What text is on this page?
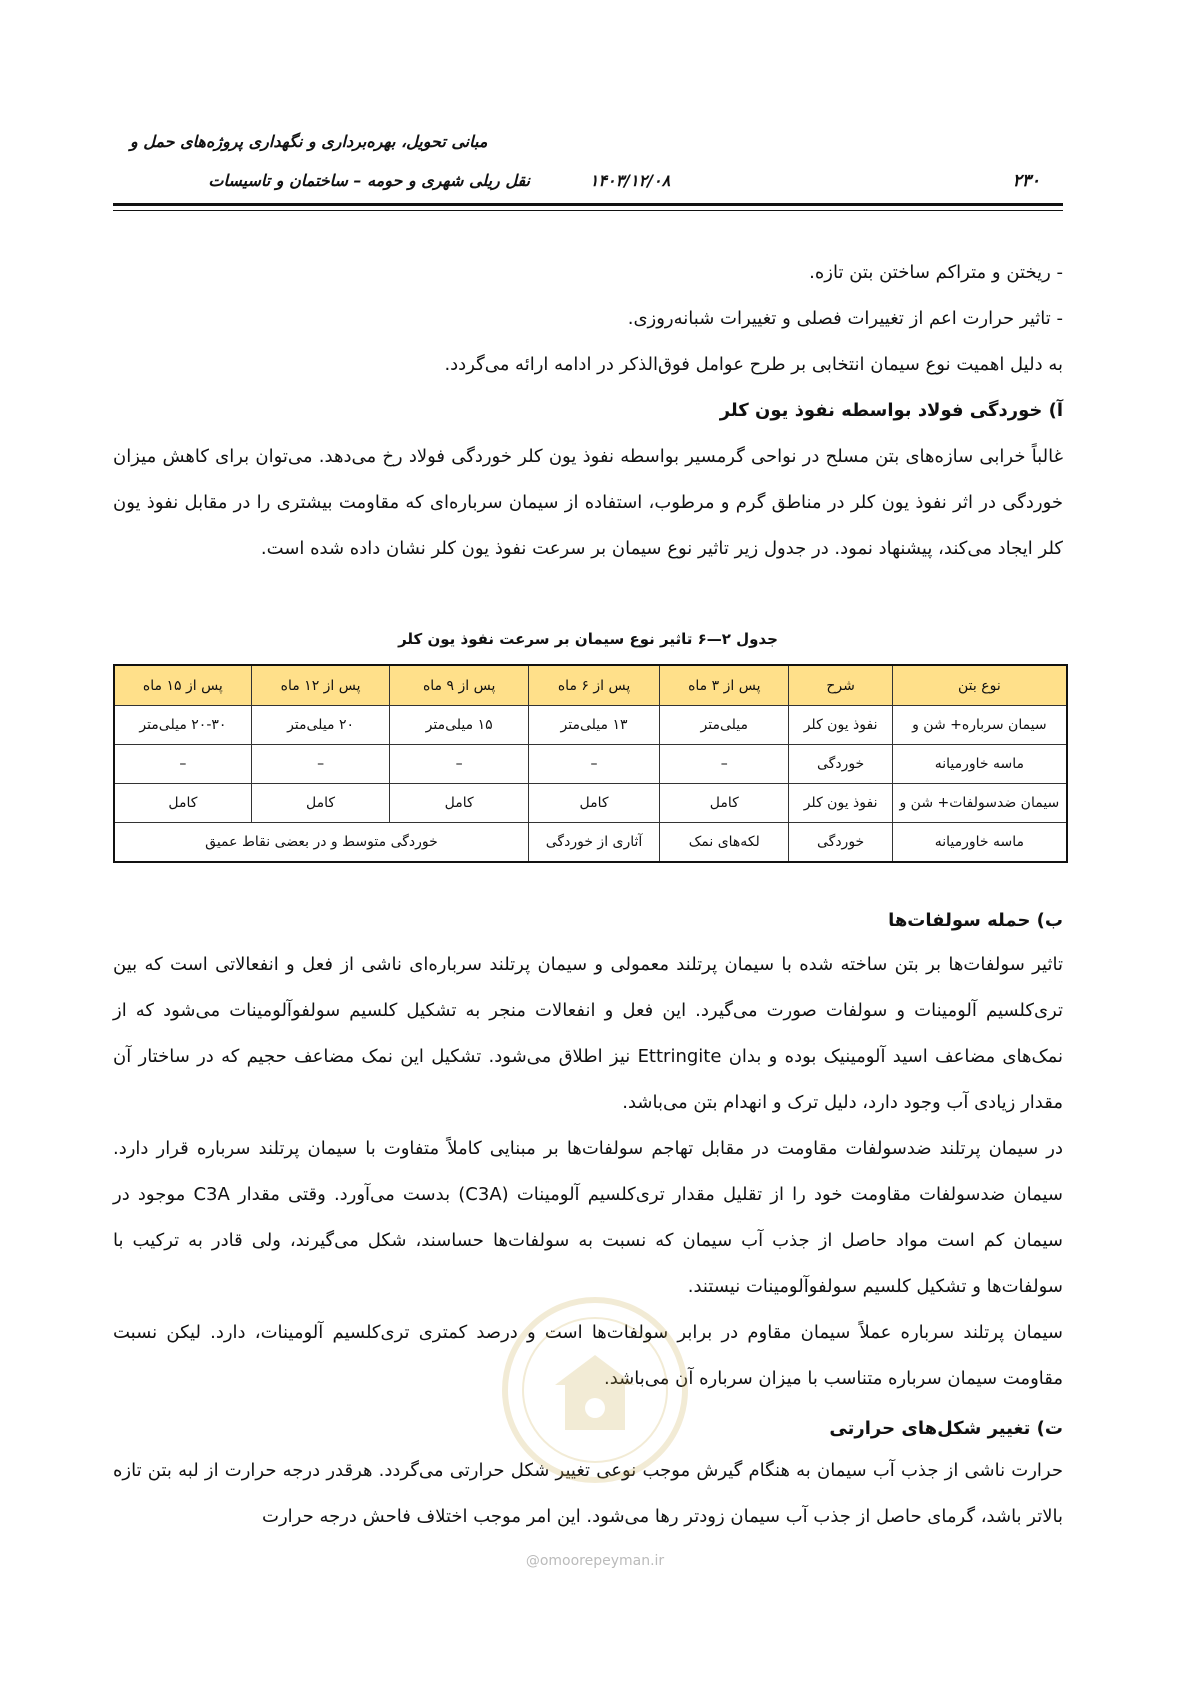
مبانی تحویل، بهره‌برداری و نگهداری پروژه‌های حمل و
نقل ریلی شهری و حومه – ساختمان و تاسیسات	۱۴۰۳/۱۲/۰۸	۲۳۰
- ریختن و متراکم ساختن بتن تازه.
- تاثیر حرارت اعم از تغییرات فصلی و تغییرات شبانه‌روزی.
به دلیل اهمیت نوع سیمان انتخابی بر طرح عوامل فوق‌الذکر در ادامه ارائه می‌گردد.
آ) خوردگی فولاد بواسطه نفوذ یون کلر

غالباً خرابی سازه‌های بتن مسلح در نواحی گرمسیر بواسطه نفوذ یون کلر خوردگی فولاد رخ می‌دهد. می‌توان برای کاهش میزان خوردگی در اثر نفوذ یون کلر در مناطق گرم و مرطوب، استفاده از سیمان سرباره‌ای که مقاومت بیشتری را در مقابل نفوذ یون کلر ایجاد می‌کند، پیشنهاد نمود. در جدول زیر تاثیر نوع سیمان بر سرعت نفوذ یون کلر نشان داده شده است.

جدول ۲—۶ تاثیر نوع سیمان بر سرعت نفوذ یون کلر
نوع بتن	شرح	پس از ۳ ماه	پس از ۶ ماه	پس از ۹ ماه	پس از ۱۲ ماه	پس از ۱۵ ماه
سیمان سرباره+ شن و	نفوذ یون کلر	میلی‌متر	۱۳ میلی‌متر	۱۵ میلی‌متر	۲۰ میلی‌متر	۲۰-۳۰ میلی‌متر
ماسه خاورمیانه	خوردگی	–	–	–	–	–
سیمان ضدسولفات+ شن و	نفوذ یون کلر	کامل	کامل	کامل	کامل	کامل
ماسه خاورمیانه	خوردگی	لکه‌های نمک	آثاری از خوردگی	خوردگی متوسط و در بعضی نقاط عمیق		
ب) حمله سولفات‌ها

تاثیر سولفات‌ها بر بتن ساخته شده با سیمان پرتلند معمولی و سیمان پرتلند سرباره‌ای ناشی از فعل و انفعالاتی است که بین تری‌کلسیم آلومینات و سولفات صورت می‌گیرد. این فعل و انفعالات منجر به تشکیل کلسیم سولفوآلومینات می‌شود که از نمک‌های مضاعف اسید آلومینیک بوده و بدان Ettringite نیز اطلاق می‌شود. تشکیل این نمک مضاعف حجیم که در ساختار آن مقدار زیادی آب وجود دارد، دلیل ترک و انهدام بتن می‌باشد.

در سیمان پرتلند ضدسولفات مقاومت در مقابل تهاجم سولفات‌ها بر مبنایی کاملاً متفاوت با سیمان پرتلند سرباره قرار دارد. سیمان ضدسولفات مقاومت خود را از تقلیل مقدار تری‌کلسیم آلومینات (C3A) بدست می‌آورد. وقتی مقدار C3A موجود در سیمان کم است مواد حاصل از جذب آب سیمان که نسبت به سولفات‌ها حساسند، شکل می‌گیرند، ولی قادر به ترکیب با سولفات‌ها و تشکیل کلسیم سولفوآلومینات نیستند.

سیمان پرتلند سرباره عملاً سیمان مقاوم در برابر سولفات‌ها است و درصد کمتری تری‌کلسیم آلومینات، دارد. لیکن نسبت مقاومت سیمان سرباره متناسب با میزان سرباره آن می‌باشد.

ت) تغییر شکل‌های حرارتی

حرارت ناشی از جذب آب سیمان به هنگام گیرش موجب نوعی تغییر شکل حرارتی می‌گردد. هرقدر درجه حرارت از لبه بتن تازه بالاتر باشد، گرمای حاصل از جذب آب سیمان زودتر رها می‌شود. این امر موجب اختلاف فاحش درجه حرارت

@omoorepeyman.ir
